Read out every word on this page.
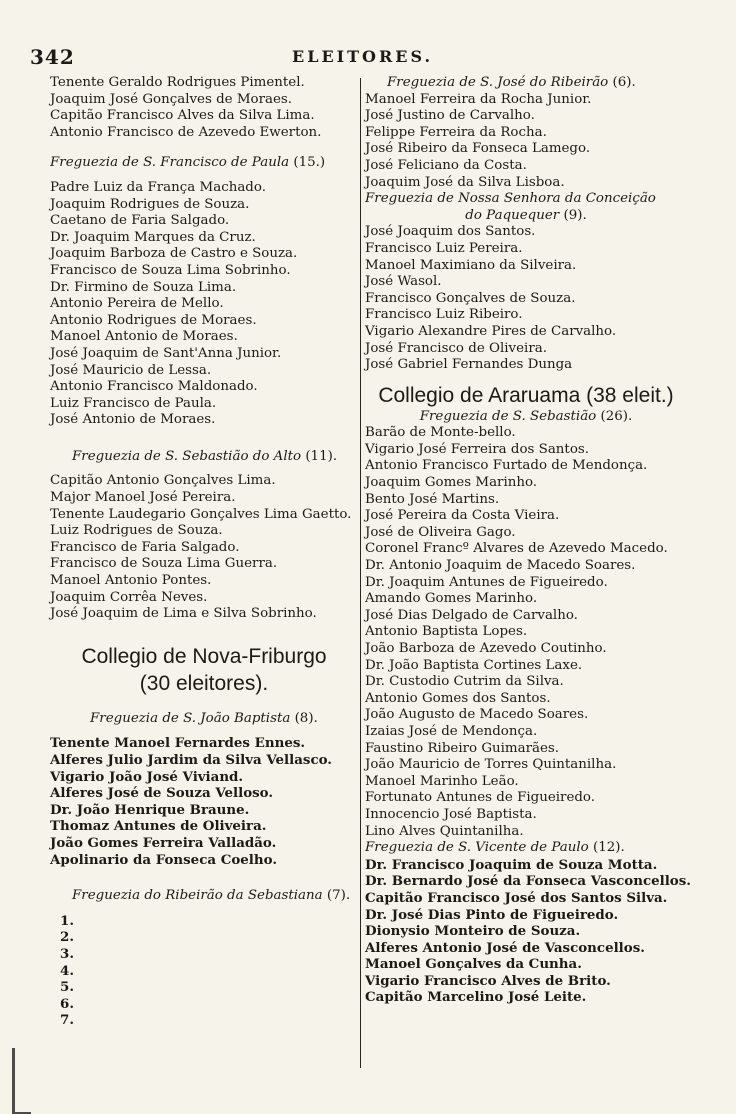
342	ELEITORES.
Tenente Geraldo Rodrigues Pimentel.
Joaquim José Gonçalves de Moraes.
Capitão Francisco Alves da Silva Lima.
Antonio Francisco de Azevedo Ewerton.
Freguezia de S. Francisco de Paula (15.)
Padre Luiz da França Machado.
Joaquim Rodrigues de Souza.
Caetano de Faria Salgado.
Dr. Joaquim Marques da Cruz.
Joaquim Barboza de Castro e Souza.
Francisco de Souza Lima Sobrinho.
Dr. Firmino de Souza Lima.
Antonio Pereira de Mello.
Antonio Rodrigues de Moraes.
Manoel Antonio de Moraes.
José Joaquim de Sant'Anna Junior.
José Mauricio de Lessa.
Antonio Francisco Maldonado.
Luiz Francisco de Paula.
José Antonio de Moraes.
Freguezia de S. Sebastião do Alto (11).
Capitão Antonio Gonçalves Lima.
Major Manoel José Pereira.
Tenente Laudegario Gonçalves Lima Gaetto.
Luiz Rodrigues de Souza.
Francisco de Faria Salgado.
Francisco de Souza Lima Guerra.
Manoel Antonio Pontes.
Joaquim Corrêa Neves.
José Joaquim de Lima e Silva Sobrinho.
Collegio de Nova-Friburgo
(30 eleitores).
Freguezia de S. João Baptista (8).
Tenente Manoel Fernardes Ennes.
Alferes Julio Jardim da Silva Vellasco.
Vigario João José Viviand.
Alferes José de Souza Velloso.
Dr. João Henrique Braune.
Thomaz Antunes de Oliveira.
João Gomes Ferreira Valladão.
Apolinario da Fonseca Coelho.
Freguezia do Ribeirão da Sebastiana (7).
1.
2.
3.
4.
5.
6.
7.
Freguezia de S. José do Ribeirão (6).
Manoel Ferreira da Rocha Junior.
José Justino de Carvalho.
Felippe Ferreira da Rocha.
José Ribeiro da Fonseca Lamego.
José Feliciano da Costa.
Joaquim José da Silva Lisboa.
Freguezia de Nossa Senhora da Conceição
do Paquequer (9).
José Joaquim dos Santos.
Francisco Luiz Pereira.
Manoel Maximiano da Silveira.
José Wasol.
Francisco Gonçalves de Souza.
Francisco Luiz Ribeiro.
Vigario Alexandre Pires de Carvalho.
José Francisco de Oliveira.
José Gabriel Fernandes Dunga
Collegio de Araruama (38 eleit.)
Freguezia de S. Sebastião (26).
Barão de Monte-bello.
Vigario José Ferreira dos Santos.
Antonio Francisco Furtado de Mendonça.
Joaquim Gomes Marinho.
Bento José Martins.
José Pereira da Costa Vieira.
José de Oliveira Gago.
Coronel Francº Alvares de Azevedo Macedo.
Dr. Antonio Joaquim de Macedo Soares.
Dr. Joaquim Antunes de Figueiredo.
Amando Gomes Marinho.
José Dias Delgado de Carvalho.
Antonio Baptista Lopes.
João Barboza de Azevedo Coutinho.
Dr. João Baptista Cortines Laxe.
Dr. Custodio Cutrim da Silva.
Antonio Gomes dos Santos.
João Augusto de Macedo Soares.
Izaias José de Mendonça.
Faustino Ribeiro Guimarães.
João Mauricio de Torres Quintanilha.
Manoel Marinho Leão.
Fortunato Antunes de Figueiredo.
Innocencio José Baptista.
Lino Alves Quintanilha.
Freguezia de S. Vicente de Paulo (12).
Dr. Francisco Joaquim de Souza Motta.
Dr. Bernardo José da Fonseca Vasconcellos.
Capitão Francisco José dos Santos Silva.
Dr. José Dias Pinto de Figueiredo.
Dionysio Monteiro de Souza.
Alferes Antonio José de Vasconcellos.
Manoel Gonçalves da Cunha.
Vigario Francisco Alves de Brito.
Capitão Marcelino José Leite.
